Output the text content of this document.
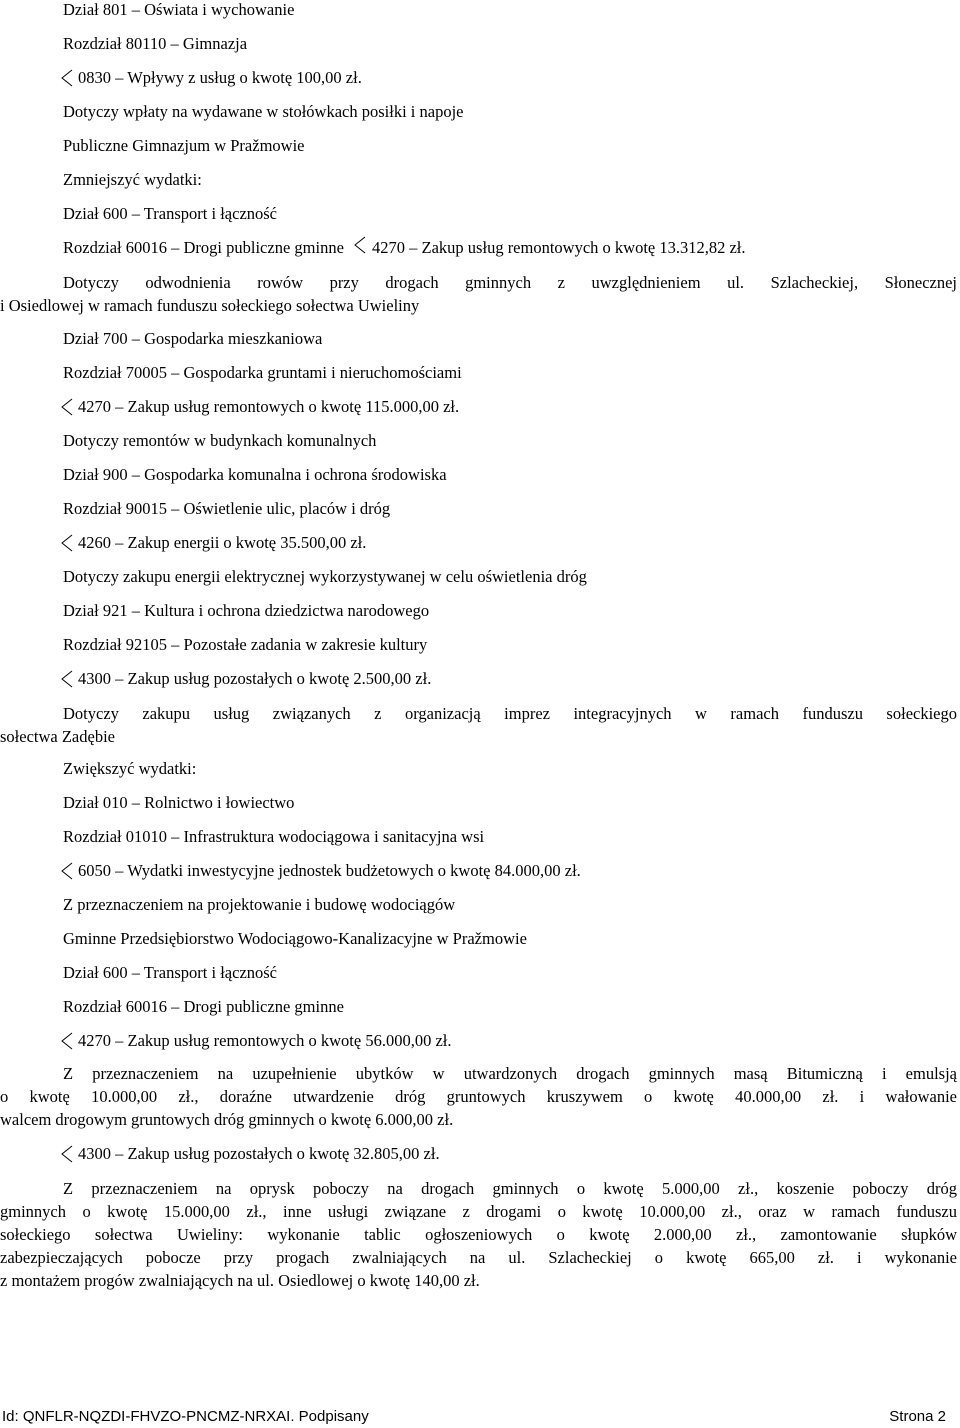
Dział 801 – Oświata i wychowanie
Rozdział 80110 – Gimnazja
0830 – Wpływy z usług o kwotę 100,00 zł.
Dotyczy wpłaty na wydawane w stołówkach posiłki i napoje
Publiczne Gimnazjum w Pražmowie
Zmniejszyć wydatki:
Dział 600 – Transport i łączność
Rozdział 60016 – Drogi publiczne gminne 4270 – Zakup usług remontowych o kwotę 13.312,82 zł.
Dotyczy odwodnienia rowów przy drogach gminnych z uwzględnieniem ul. Szlacheckiej, Słonecznej
i Osiedlowej w ramach funduszu sołeckiego sołectwa Uwieliny
Dział 700 – Gospodarka mieszkaniowa
Rozdział 70005 – Gospodarka gruntami i nieruchomościami
4270 – Zakup usług remontowych o kwotę 115.000,00 zł.
Dotyczy remontów w budynkach komunalnych
Dział 900 – Gospodarka komunalna i ochrona środowiska
Rozdział 90015 – Oświetlenie ulic, placów i dróg
4260 – Zakup energii o kwotę 35.500,00 zł.
Dotyczy zakupu energii elektrycznej wykorzystywanej w celu oświetlenia dróg
Dział 921 – Kultura i ochrona dziedzictwa narodowego
Rozdział 92105 – Pozostałe zadania w zakresie kultury
4300 – Zakup usług pozostałych o kwotę 2.500,00 zł.
Dotyczy zakupu usług związanych z organizacją imprez integracyjnych w ramach funduszu sołeckiego
sołectwa Zadębie
Zwiększyć wydatki:
Dział 010 – Rolnictwo i łowiectwo
Rozdział 01010 – Infrastruktura wodociągowa i sanitacyjna wsi
6050 – Wydatki inwestycyjne jednostek budżetowych o kwotę 84.000,00 zł.
Z przeznaczeniem na projektowanie i budowę wodociągów
Gminne Przedsiębiorstwo Wodociągowo-Kanalizacyjne w Pražmowie
Dział 600 – Transport i łączność
Rozdział 60016 – Drogi publiczne gminne
4270 – Zakup usług remontowych o kwotę 56.000,00 zł.
Z przeznaczeniem na uzupełnienie ubytków w utwardzonych drogach gminnych masą Bitumiczną i emulsją
o kwotę 10.000,00 zł., doraźne utwardzenie dróg gruntowych kruszywem o kwotę 40.000,00 zł. i wałowanie
walcem drogowym gruntowych dróg gminnych o kwotę 6.000,00 zł.
4300 – Zakup usług pozostałych o kwotę 32.805,00 zł.
Z przeznaczeniem na oprysk poboczy na drogach gminnych o kwotę 5.000,00 zł., koszenie poboczy dróg
gminnych o kwotę 15.000,00 zł., inne usługi związane z drogami o kwotę 10.000,00 zł., oraz w ramach funduszu
sołeckiego sołectwa Uwieliny: wykonanie tablic ogłoszeniowych o kwotę 2.000,00 zł., zamontowanie słupków
zabezpieczających pobocze przy progach zwalniających na ul. Szlacheckiej o kwotę 665,00 zł. i wykonanie
z montażem progów zwalniających na ul. Osiedlowej o kwotę 140,00 zł.
Id: QNFLR-NQZDI-FHVZO-PNCMZ-NRXAI. Podpisany	Strona 2
